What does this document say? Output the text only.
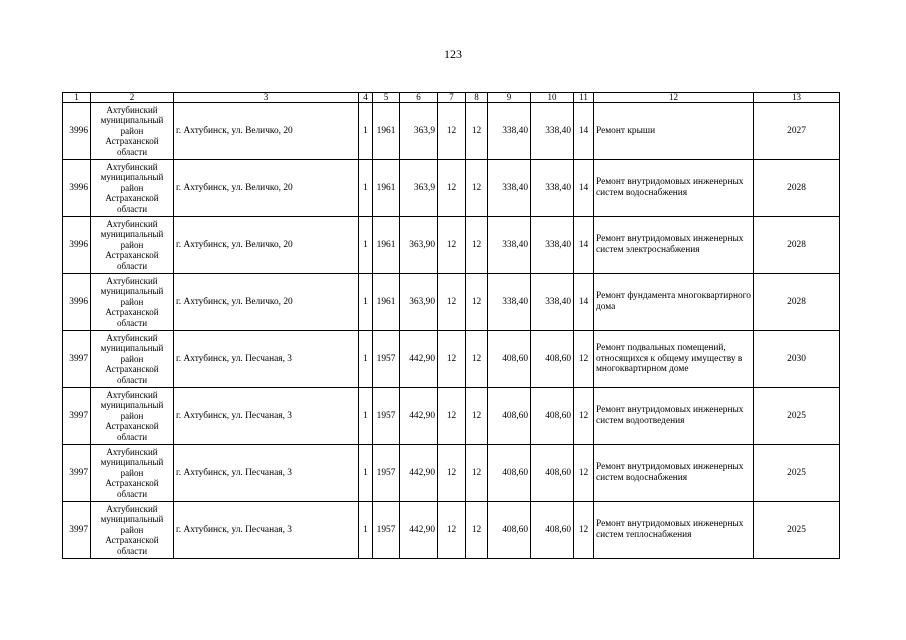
123
1	2	3	4	5	6	7	8	9	10	11	12	13
3996	Ахтубинский
муниципальный
район
Астраханской
области	г. Ахтубинск, ул. Величко, 20	1	1961	363,9	12	12	338,40	338,40	14	Ремонт крыши	2027
3996	Ахтубинский
муниципальный
район
Астраханской
области	г. Ахтубинск, ул. Величко, 20	1	1961	363,9	12	12	338,40	338,40	14	Ремонт внутридомовых инженерных систем водоснабжения	2028
3996	Ахтубинский
муниципальный
район
Астраханской
области	г. Ахтубинск, ул. Величко, 20	1	1961	363,90	12	12	338,40	338,40	14	Ремонт внутридомовых инженерных систем электроснабжения	2028
3996	Ахтубинский
муниципальный
район
Астраханской
области	г. Ахтубинск, ул. Величко, 20	1	1961	363,90	12	12	338,40	338,40	14	Ремонт фундамента многоквартирного дома	2028
3997	Ахтубинский
муниципальный
район
Астраханской
области	г. Ахтубинск, ул. Песчаная, 3	1	1957	442,90	12	12	408,60	408,60	12	Ремонт подвальных помещений, относящихся к общему имуществу в многоквартирном доме	2030
3997	Ахтубинский
муниципальный
район
Астраханской
области	г. Ахтубинск, ул. Песчаная, 3	1	1957	442,90	12	12	408,60	408,60	12	Ремонт внутридомовых инженерных систем водоотведения	2025
3997	Ахтубинский
муниципальный
район
Астраханской
области	г. Ахтубинск, ул. Песчаная, 3	1	1957	442,90	12	12	408,60	408,60	12	Ремонт внутридомовых инженерных систем водоснабжения	2025
3997	Ахтубинский
муниципальный
район
Астраханской
области	г. Ахтубинск, ул. Песчаная, 3	1	1957	442,90	12	12	408,60	408,60	12	Ремонт внутридомовых инженерных систем теплоснабжения	2025
